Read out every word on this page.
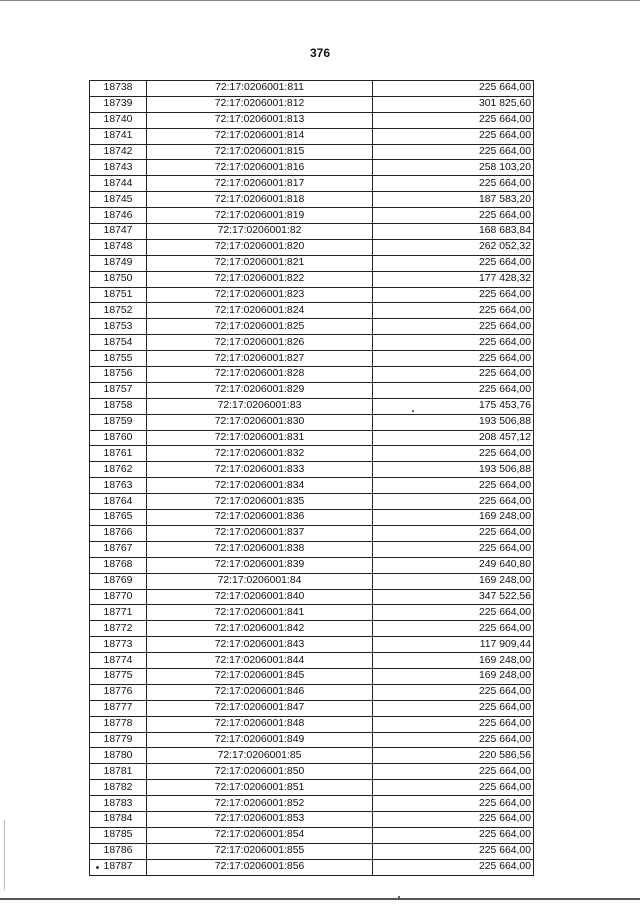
376
18738	72:17:0206001:811	225 664,00
18739	72:17:0206001:812	301 825,60
18740	72:17:0206001:813	225 664,00
18741	72:17:0206001:814	225 664,00
18742	72:17:0206001:815	225 664,00
18743	72:17:0206001:816	258 103,20
18744	72:17:0206001:817	225 664,00
18745	72:17:0206001:818	187 583,20
18746	72:17:0206001:819	225 664,00
18747	72:17:0206001:82	168 683,84
18748	72:17:0206001:820	262 052,32
18749	72:17:0206001:821	225 664,00
18750	72:17:0206001:822	177 428,32
18751	72:17:0206001:823	225 664,00
18752	72:17:0206001:824	225 664,00
18753	72:17:0206001:825	225 664,00
18754	72:17:0206001:826	225 664,00
18755	72:17:0206001:827	225 664,00
18756	72:17:0206001:828	225 664,00
18757	72:17:0206001:829	225 664,00
18758	72:17:0206001:83	175 453,76
18759	72:17:0206001:830	193 506,88
18760	72:17:0206001:831	208 457,12
18761	72:17:0206001:832	225 664,00
18762	72:17:0206001:833	193 506,88
18763	72:17:0206001:834	225 664,00
18764	72:17:0206001:835	225 664,00
18765	72:17:0206001:836	169 248,00
18766	72:17:0206001:837	225 664,00
18767	72:17:0206001:838	225 664,00
18768	72:17:0206001:839	249 640,80
18769	72:17:0206001:84	169 248,00
18770	72:17:0206001:840	347 522,56
18771	72:17:0206001:841	225 664,00
18772	72:17:0206001:842	225 664,00
18773	72:17:0206001:843	117 909,44
18774	72:17:0206001:844	169 248,00
18775	72:17:0206001:845	169 248,00
18776	72:17:0206001:846	225 664,00
18777	72:17:0206001:847	225 664,00
18778	72:17:0206001:848	225 664,00
18779	72:17:0206001:849	225 664,00
18780	72:17:0206001:85	220 586,56
18781	72:17:0206001:850	225 664,00
18782	72:17:0206001:851	225 664,00
18783	72:17:0206001:852	225 664,00
18784	72:17:0206001:853	225 664,00
18785	72:17:0206001:854	225 664,00
18786	72:17:0206001:855	225 664,00
18787	72:17:0206001:856	225 664,00
